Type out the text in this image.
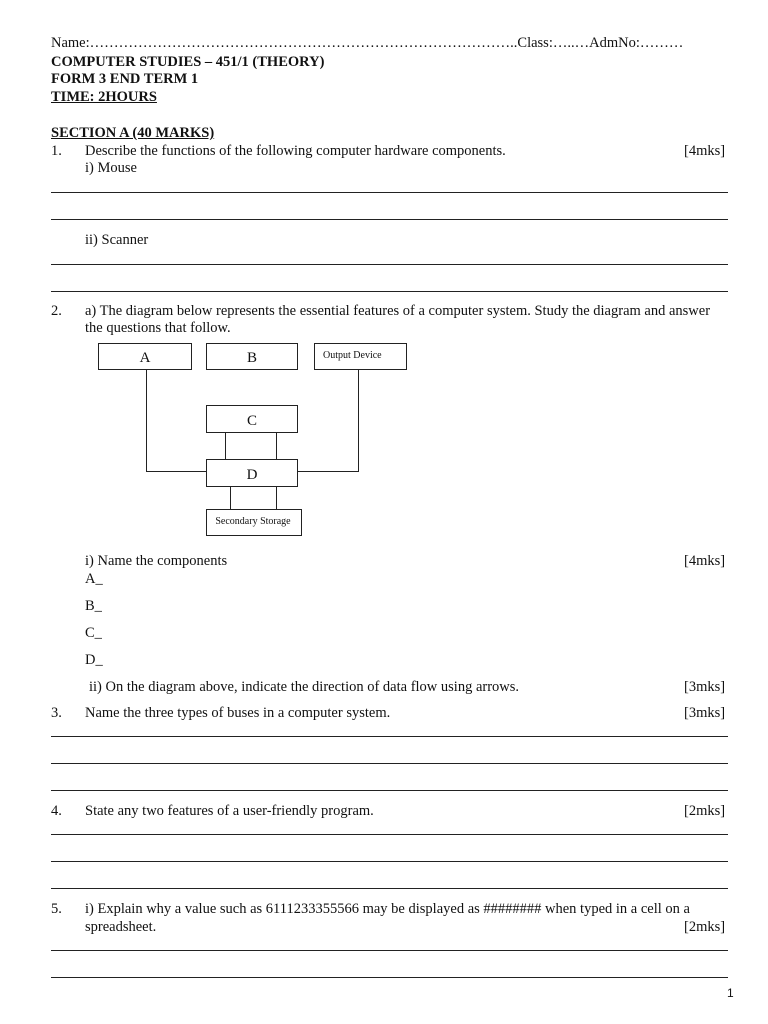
Name:……………………………………………………………………………..Class:…..…AdmNo:………
COMPUTER STUDIES – 451/1 (THEORY)
FORM 3 END TERM 1
TIME: 2HOURS
SECTION A (40 MARKS)
1. Describe the functions of the following computer hardware components.	[4mks]
i) Mouse
ii) Scanner
2. a) The diagram below represents the essential features of a computer system. Study the diagram and answer
the questions that follow.
A	B	Output Device
C
D
Secondary Storage
i) Name the components	[4mks]
A_
B_
C_
D_
ii) On the diagram above, indicate the direction of data flow using arrows.	[3mks]
3. Name the three types of buses in a computer system.	[3mks]
4. State any two features of a user-friendly program.	[2mks]
5. i) Explain why a value such as 6111233355566 may be displayed as ######## when typed in a cell on a
spreadsheet.	[2mks]
1
